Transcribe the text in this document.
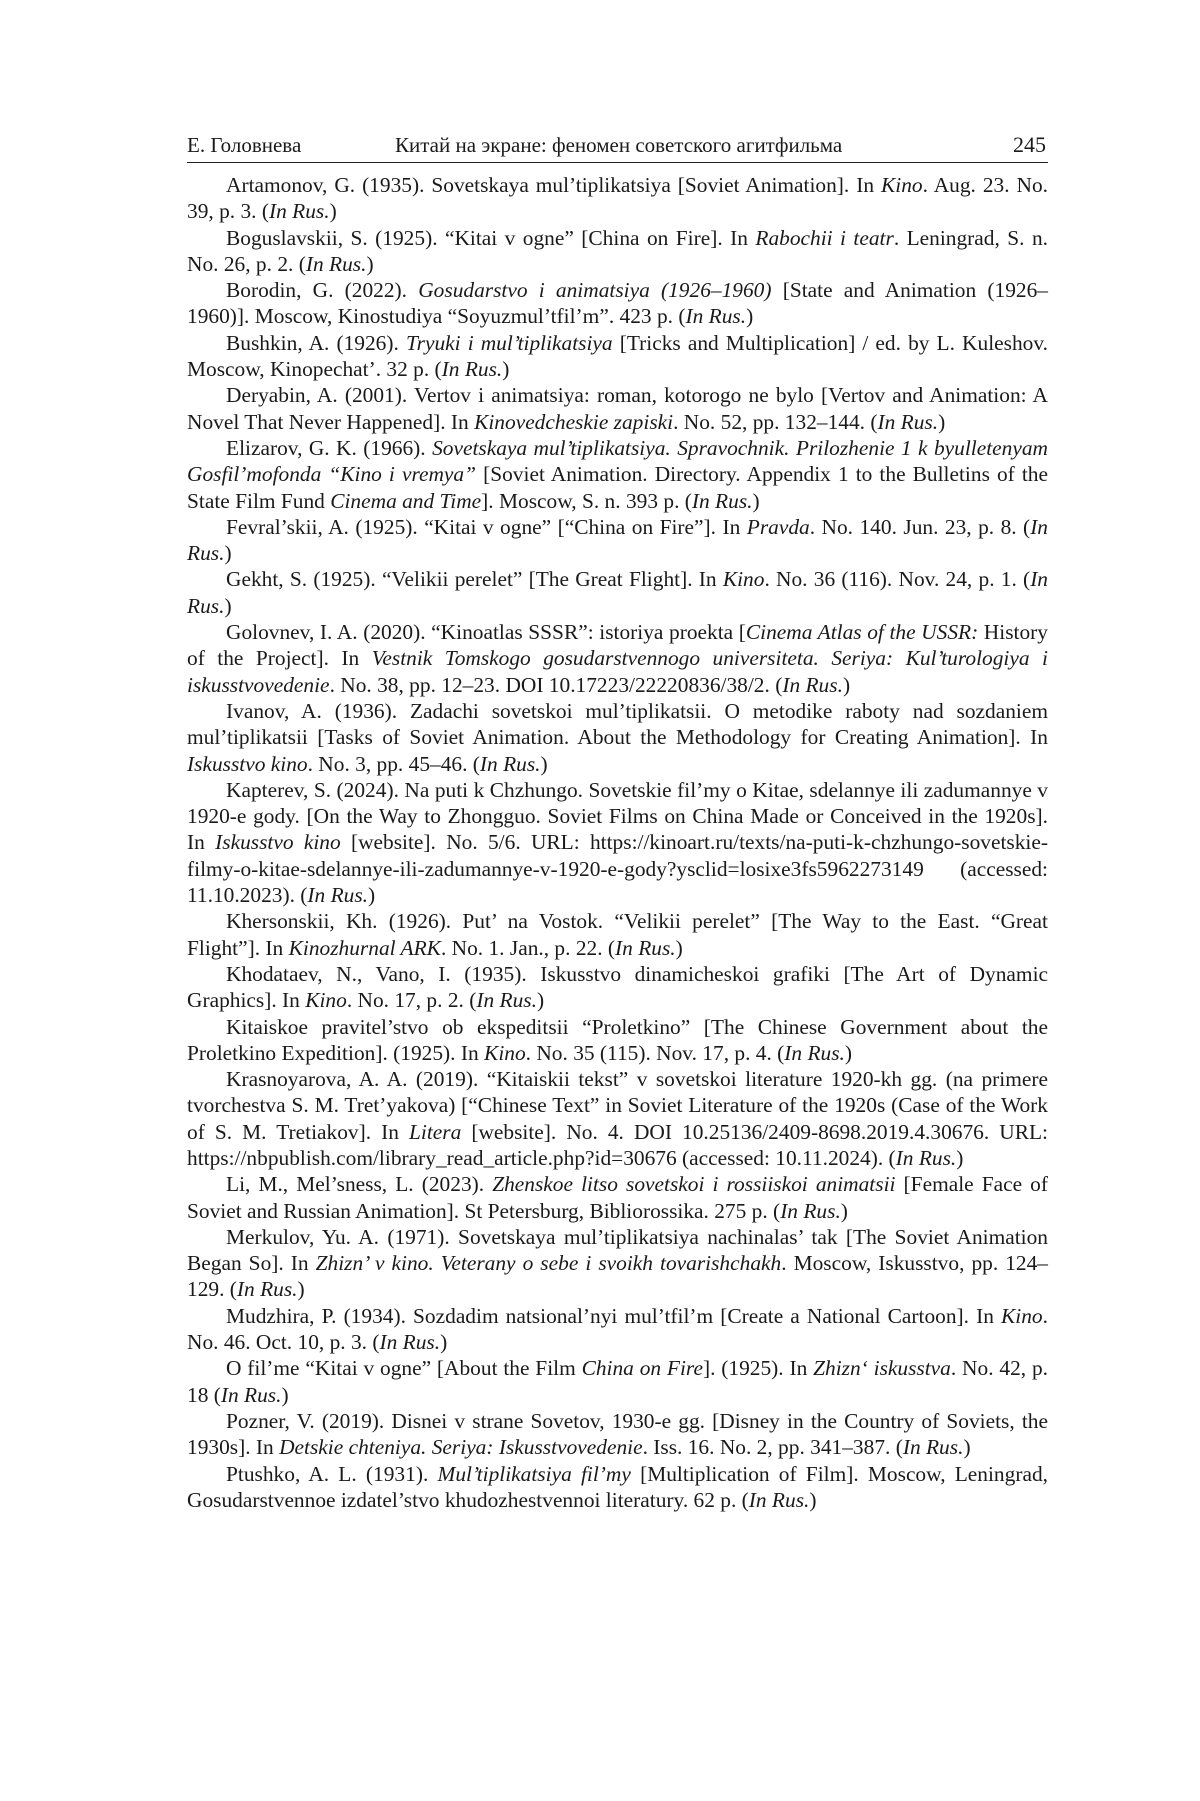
Е. Головнева	Китай на экране: феномен советского агитфильма	245

Artamonov, G. (1935). Sovetskaya mul’tiplikatsiya [Soviet Animation]. In Kino. Aug. 23. No. 39, p. 3. (In Rus.)

Boguslavskii, S. (1925). “Kitai v ogne” [China on Fire]. In Rabochii i teatr. Leningrad, S. n. No. 26, p. 2. (In Rus.)

Borodin, G. (2022). Gosudarstvo i animatsiya (1926–1960) [State and Animation (1926–1960)]. Moscow, Kinostudiya “Soyuzmul’tfil’m”. 423 p. (In Rus.)

Bushkin, A. (1926). Tryuki i mul’tiplikatsiya [Tricks and Multiplication] / ed. by L. Kuleshov. Moscow, Kinopechat’. 32 p. (In Rus.)

Deryabin, A. (2001). Vertov i animatsiya: roman, kotorogo ne bylo [Vertov and Animation: A Novel That Never Happened]. In Kinovedcheskie zapiski. No. 52, pp. 132–144. (In Rus.)

Elizarov, G. K. (1966). Sovetskaya mul’tiplikatsiya. Spravochnik. Prilozhenie 1 k byulletenyam Gosfil’mofonda “Kino i vremya” [Soviet Animation. Directory. Appendix 1 to the Bulletins of the State Film Fund Cinema and Time]. Moscow, S. n. 393 p. (In Rus.)

Fevral’skii, A. (1925). “Kitai v ogne” [“China on Fire”]. In Pravda. No. 140. Jun. 23, p. 8. (In Rus.)

Gekht, S. (1925). “Velikii perelet” [The Great Flight]. In Kino. No. 36 (116). Nov. 24, p. 1. (In Rus.)

Golovnev, I. A. (2020). “Kinoatlas SSSR”: istoriya proekta [Cinema Atlas of the USSR: History of the Project]. In Vestnik Tomskogo gosudarstvennogo universiteta. Seriya: Kul’turologiya i iskusstvovedenie. No. 38, pp. 12–23. DOI 10.17223/22220836/38/2. (In Rus.)

Ivanov, A. (1936). Zadachi sovetskoi mul’tiplikatsii. O metodike raboty nad sozdaniem mul’tiplikatsii [Tasks of Soviet Animation. About the Methodology for Creating Animation]. In Iskusstvo kino. No. 3, pp. 45–46. (In Rus.)

Kapterev, S. (2024). Na puti k Chzhungo. Sovetskie fil’my o Kitae, sdelannye ili zadumannye v 1920-e gody. [On the Way to Zhongguo. Soviet Films on China Made or Conceived in the 1920s]. In Iskusstvo kino [website]. No. 5/6. URL: https://kinoart.ru/texts/na-puti-k-chzhungo-sovetskie-filmy-o-kitae-sdelannye-ili-zadumannye-v-1920-e-gody?ysclid=losixe3fs5962273149 (accessed: 11.10.2023). (In Rus.)

Khersonskii, Kh. (1926). Put’ na Vostok. “Velikii perelet” [The Way to the East. “Great Flight”]. In Kinozhurnal ARK. No. 1. Jan., p. 22. (In Rus.)

Khodataev, N., Vano, I. (1935). Iskusstvo dinamicheskoi grafiki [The Art of Dynamic Graphics]. In Kino. No. 17, p. 2. (In Rus.)

Kitaiskoe pravitel’stvo ob ekspeditsii “Proletkino” [The Chinese Government about the Proletkino Expedition]. (1925). In Kino. No. 35 (115). Nov. 17, p. 4. (In Rus.)

Krasnoyarova, A. A. (2019). “Kitaiskii tekst” v sovetskoi literature 1920-kh gg. (na primere tvorchestva S. M. Tret’yakova) [“Chinese Text” in Soviet Literature of the 1920s (Case of the Work of S. M. Tretiakov]. In Litera [website]. No. 4. DOI 10.25136/2409-8698.2019.4.30676. URL: https://nbpublish.com/library_read_article.php?id=30676 (accessed: 10.11.2024). (In Rus.)

Li, M., Mel’sness, L. (2023). Zhenskoe litso sovetskoi i rossiiskoi animatsii [Female Face of Soviet and Russian Animation]. St Petersburg, Bibliorossika. 275 p. (In Rus.)

Merkulov, Yu. A. (1971). Sovetskaya mul’tiplikatsiya nachinalas’ tak [The Soviet Animation Began So]. In Zhizn’ v kino. Veterany o sebe i svoikh tovarishchakh. Moscow, Iskusstvo, pp. 124–129. (In Rus.)

Mudzhira, P. (1934). Sozdadim natsional’nyi mul’tfil’m [Create a National Cartoon]. In Kino. No. 46. Oct. 10, p. 3. (In Rus.)

O fil’me “Kitai v ogne” [About the Film China on Fire]. (1925). In Zhizn‘ iskusstva. No. 42, p. 18 (In Rus.)

Pozner, V. (2019). Disnei v strane Sovetov, 1930-e gg. [Disney in the Country of Soviets, the 1930s]. In Detskie chteniya. Seriya: Iskusstvovedenie. Iss. 16. No. 2, pp. 341–387. (In Rus.)

Ptushko, A. L. (1931). Mul’tiplikatsiya fil’my [Multiplication of Film]. Moscow, Leningrad, Gosudarstvennoe izdatel’stvo khudozhestvennoi literatury. 62 p. (In Rus.)
